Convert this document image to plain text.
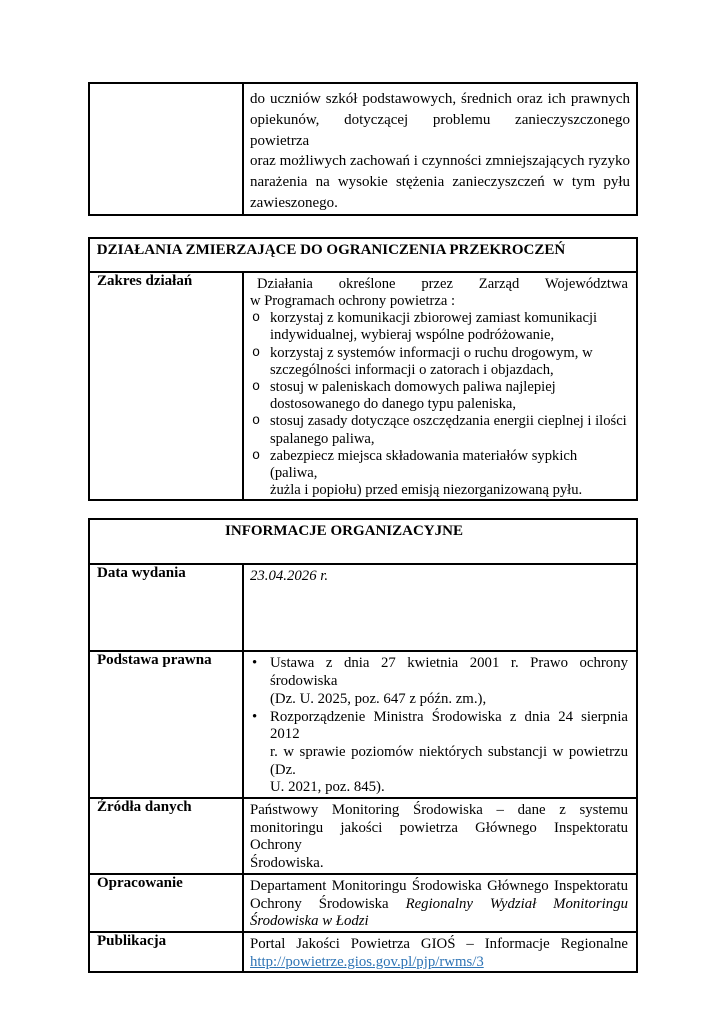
do uczniów szkół podstawowych, średnich oraz ich prawnych
opiekunów, dotyczącej problemu zanieczyszczonego powietrza
oraz możliwych zachowań i czynności zmniejszających ryzyko
narażenia na wysokie stężenia zanieczyszczeń w tym pyłu
zawieszonego.
DZIAŁANIA ZMIERZAJĄCE DO OGRANICZENIA PRZEKROCZEŃ
Zakres działań	Działania określone przez Zarząd Województwa
w Programach ochrony powietrza :
o korzystaj z komunikacji zbiorowej zamiast komunikacji
indywidualnej, wybieraj wspólne podróżowanie,
o korzystaj z systemów informacji o ruchu drogowym, w
szczególności informacji o zatorach i objazdach,
o stosuj w paleniskach domowych paliwa najlepiej
dostosowanego do danego typu paleniska,
o stosuj zasady dotyczące oszczędzania energii cieplnej i ilości
spalanego paliwa,
o zabezpiecz miejsca składowania materiałów sypkich (paliwa,
żużla i popiołu) przed emisją niezorganizowaną pyłu.
INFORMACJE ORGANIZACYJNE	
Data wydania	23.04.2026 r.

Podstawa prawna	• Ustawa z dnia 27 kwietnia 2001 r. Prawo ochrony środowiska
(Dz. U. 2025, poz. 647 z późn. zm.),
• Rozporządzenie Ministra Środowiska z dnia 24 sierpnia 2012
r. w sprawie poziomów niektórych substancji w powietrzu (Dz.
U. 2021, poz. 845).

Źródła danych	Państwowy Monitoring Środowiska – dane z systemu
monitoringu jakości powietrza Głównego Inspektoratu Ochrony
Środowiska.

Opracowanie	Departament Monitoringu Środowiska Głównego Inspektoratu
Ochrony Środowiska Regionalny Wydział Monitoringu
Środowiska w Łodzi

Publikacja	Portal Jakości Powietrza GIOŚ – Informacje Regionalne
http://powietrze.gios.gov.pl/pjp/rwms/3
